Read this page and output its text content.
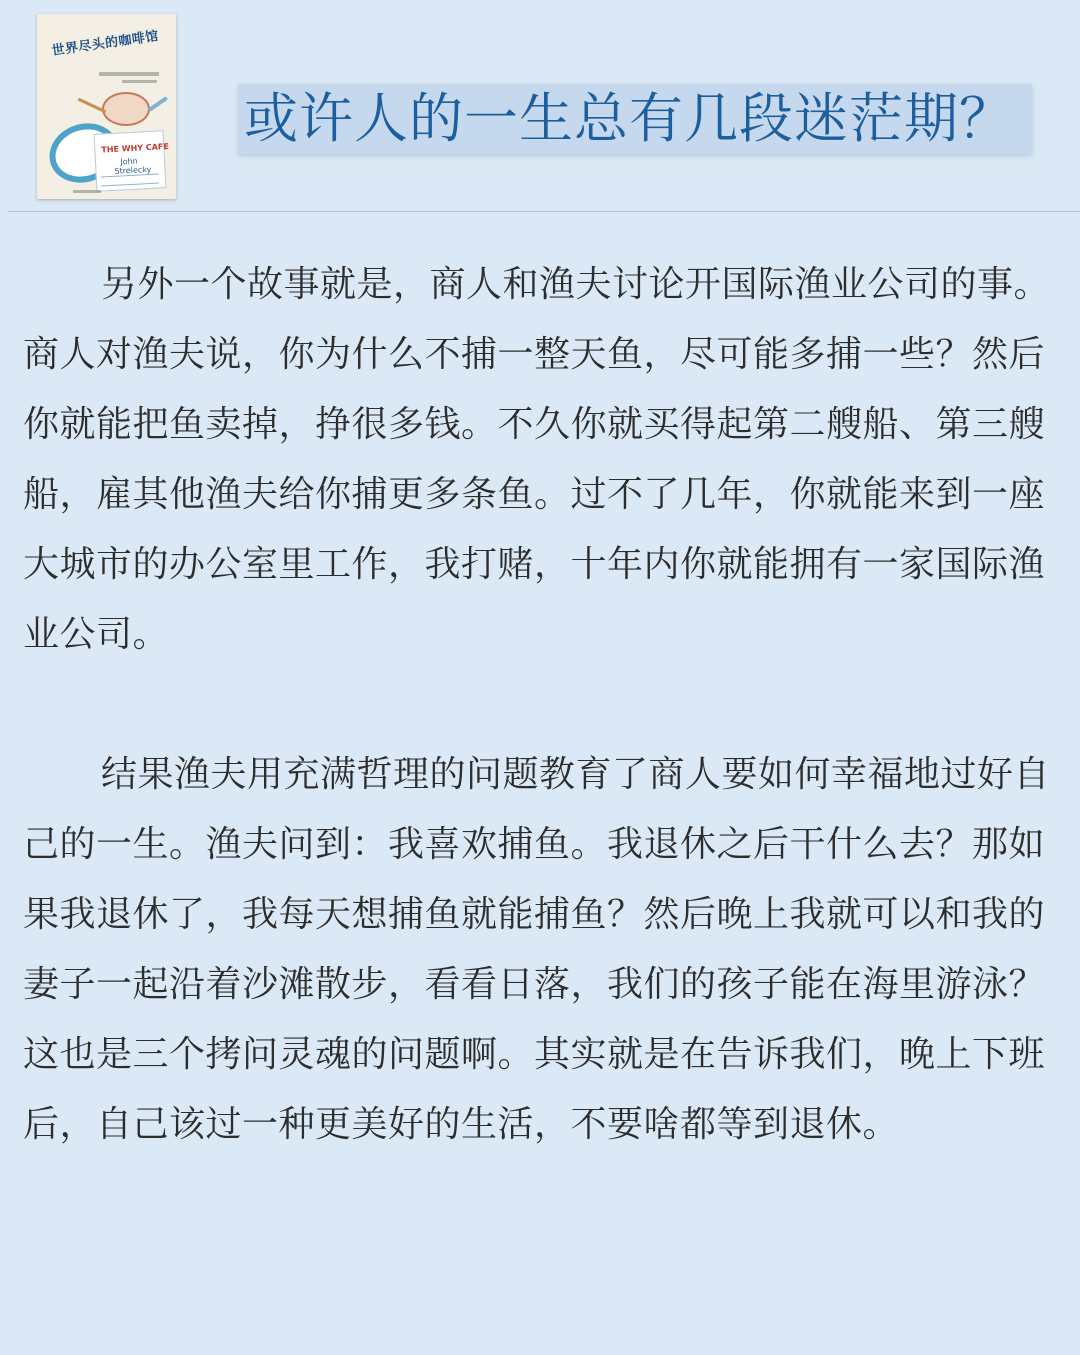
世界尽头的咖啡馆
THE WHY CAFE
John Strelecky
或许人的一生总有几段迷茫期？

另外一个故事就是，商人和渔夫讨论开国际渔业公司的事。商人对渔夫说，你为什么不捕一整天鱼，尽可能多捕一些？然后你就能把鱼卖掉，挣很多钱。不久你就买得起第二艘船、第三艘船，雇其他渔夫给你捕更多条鱼。过不了几年，你就能来到一座大城市的办公室里工作，我打赌，十年内你就能拥有一家国际渔业公司。

结果渔夫用充满哲理的问题教育了商人要如何幸福地过好自己的一生。渔夫问到：我喜欢捕鱼。我退休之后干什么去？那如果我退休了，我每天想捕鱼就能捕鱼？然后晚上我就可以和我的妻子一起沿着沙滩散步，看看日落，我们的孩子能在海里游泳？这也是三个拷问灵魂的问题啊。其实就是在告诉我们，晚上下班后，自己该过一种更美好的生活，不要啥都等到退休。
